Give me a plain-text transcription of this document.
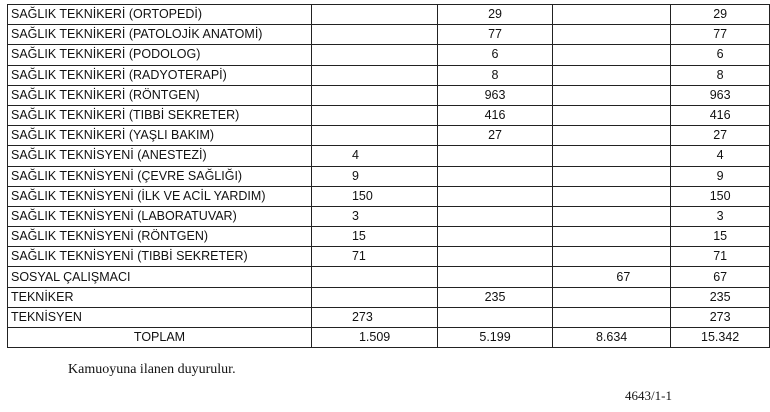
SAĞLIK TEKNİKERİ (ORTOPEDİ)		29		29
SAĞLIK TEKNİKERİ (PATOLOJİK ANATOMİ)		77		77
SAĞLIK TEKNİKERİ (PODOLOG)		6		6
SAĞLIK TEKNİKERİ (RADYOTERAPİ)		8		8
SAĞLIK TEKNİKERİ (RÖNTGEN)		963		963
SAĞLIK TEKNİKERİ (TIBBİ SEKRETER)		416		416
SAĞLIK TEKNİKERİ (YAŞLI BAKIM)		27		27
SAĞLIK TEKNİSYENİ (ANESTEZİ)	4			4
SAĞLIK TEKNİSYENİ (ÇEVRE SAĞLIĞI)	9			9
SAĞLIK TEKNİSYENİ (İLK VE ACİL YARDIM)	150			150
SAĞLIK TEKNİSYENİ (LABORATUVAR)	3			3
SAĞLIK TEKNİSYENİ (RÖNTGEN)	15			15
SAĞLIK TEKNİSYENİ (TIBBİ SEKRETER)	71			71
SOSYAL ÇALIŞMACI			67	67
TEKNİKER		235		235
TEKNİSYEN	273			273
TOPLAM	1.509	5.199	8.634	15.342

Kamuoyuna ilanen duyurulur.

4643/1-1
